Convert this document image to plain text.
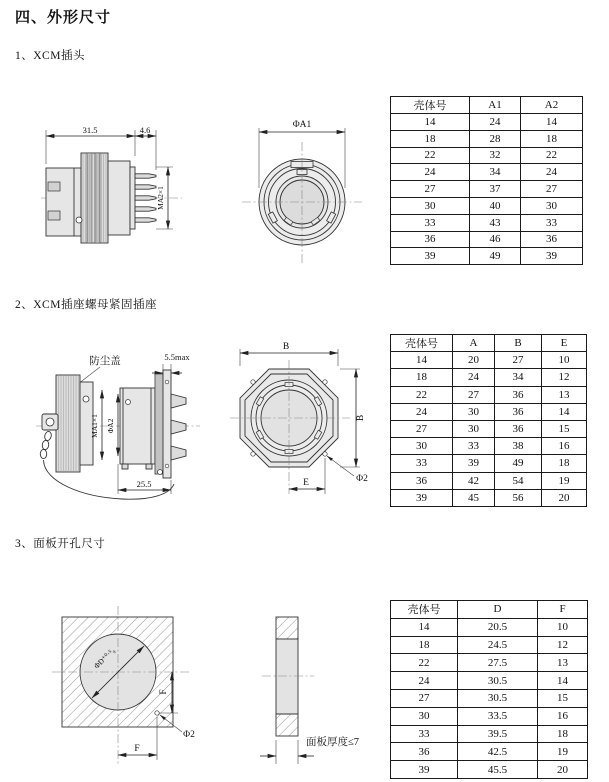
四、外形尺寸
1、XCM插头
2、XCM插座螺母紧固插座
3、面板开孔尺寸
31.5	4.6
MA2×1
ΦA1
壳体号	A1	A2
14	24	14
18	28	18
22	32	22
24	34	24
27	37	27
30	40	30
33	43	33
36	46	36
39	49	39
防尘盖	5.5max
MA1×1 ΦA2
25.5
B
B
E	Φ2
壳体号	A	B	E
14	20	27	10
18	24	34	12
22	27	36	13
24	30	36	14
27	30	36	15
30	33	38	16
33	39	49	18
36	42	54	19
39	45	56	20
ΦD⁺⁰·⁵₀
F
F
Φ2
面板厚度≤7
壳体号	D	F
14	20.5	10
18	24.5	12
22	27.5	13
24	30.5	14
27	30.5	15
30	33.5	16
33	39.5	18
36	42.5	19
39	45.5	20
